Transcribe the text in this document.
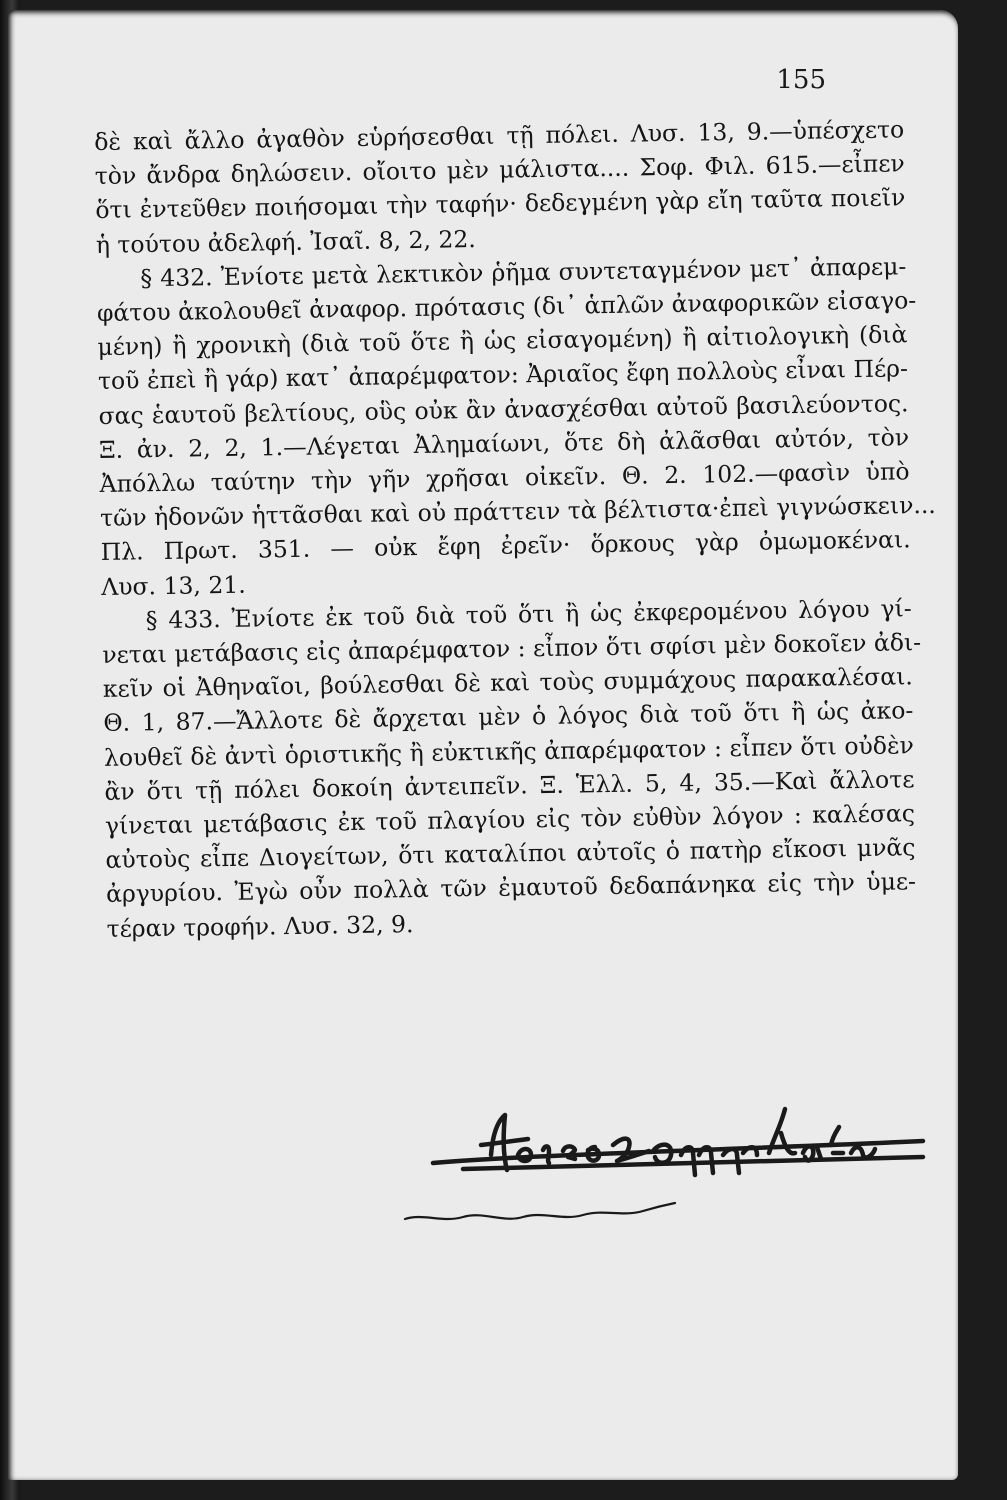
155
δὲ καὶ ἄλλο ἀγαθὸν εὑρήσεσθαι τῇ πόλει. Λυσ. 13, 9.—ὑπέσχετο
τὸν ἄνδρα δηλώσειν. οἴοιτο μὲν μάλιστα.... Σοφ. Φιλ. 615.—εἶπεν
ὅτι ἐντεῦθεν ποιήσομαι τὴν ταφήν· δεδεγμένη γὰρ εἴη ταῦτα ποιεῖν
ἡ τούτου ἀδελφή. Ἰσαῖ. 8, 2, 22.
§ 432. Ἐνίοτε μετὰ λεκτικὸν ῥῆμα συντεταγμένον μετ᾽ ἀπαρεμ-
φάτου ἀκολουθεῖ ἀναφορ. πρότασις (δι᾽ ἁπλῶν ἀναφορικῶν εἰσαγο-
μένη) ἢ χρονικὴ (διὰ τοῦ ὅτε ἢ ὡς εἰσαγομένη) ἢ αἰτιολογικὴ (διὰ
τοῦ ἐπεὶ ἢ γάρ) κατ᾽ ἀπαρέμφατον: Ἀριαῖος ἔφη πολλοὺς εἶναι Πέρ-
σας ἑαυτοῦ βελτίους, οὓς οὐκ ἂν ἀνασχέσθαι αὐτοῦ βασιλεύοντος.
Ξ. ἀν. 2, 2, 1.—Λέγεται Ἀλημαίωνι, ὅτε δὴ ἀλᾶσθαι αὐτόν, τὸν
Ἀπόλλω ταύτην τὴν γῆν χρῆσαι οἰκεῖν. Θ. 2. 102.—φασὶν ὑπὸ
τῶν ἡδονῶν ἡττᾶσθαι καὶ οὐ πράττειν τὰ βέλτιστα·ἐπεὶ γιγνώσκειν...
Πλ. Πρωτ. 351. — οὐκ ἔφη ἐρεῖν· ὅρκους γὰρ ὀμωμοκέναι.
Λυσ. 13, 21.
§ 433. Ἐνίοτε ἐκ τοῦ διὰ τοῦ ὅτι ἢ ὡς ἐκφερομένου λόγου γί-
νεται μετάβασις εἰς ἀπαρέμφατον : εἶπον ὅτι σφίσι μὲν δοκοῖεν ἀδι-
κεῖν οἱ Ἀθηναῖοι, βούλεσθαι δὲ καὶ τοὺς συμμάχους παρακαλέσαι.
Θ. 1, 87.—Ἄλλοτε δὲ ἄρχεται μὲν ὁ λόγος διὰ τοῦ ὅτι ἢ ὡς ἀκο-
λουθεῖ δὲ ἀντὶ ὁριστικῆς ἢ εὐκτικῆς ἀπαρέμφατον : εἶπεν ὅτι οὐδὲν
ἂν ὅτι τῇ πόλει δοκοίη ἀντειπεῖν. Ξ. Ἑλλ. 5, 4, 35.—Καὶ ἄλλοτε
γίνεται μετάβασις ἐκ τοῦ πλαγίου εἰς τὸν εὐθὺν λόγον : καλέσας
αὐτοὺς εἶπε Διογείτων, ὅτι καταλίποι αὐτοῖς ὁ πατὴρ εἴκοσι μνᾶς
ἀργυρίου. Ἐγὼ οὖν πολλὰ τῶν ἐμαυτοῦ δεδαπάνηκα εἰς τὴν ὑμε-
τέραν τροφήν. Λυσ. 32, 9.
